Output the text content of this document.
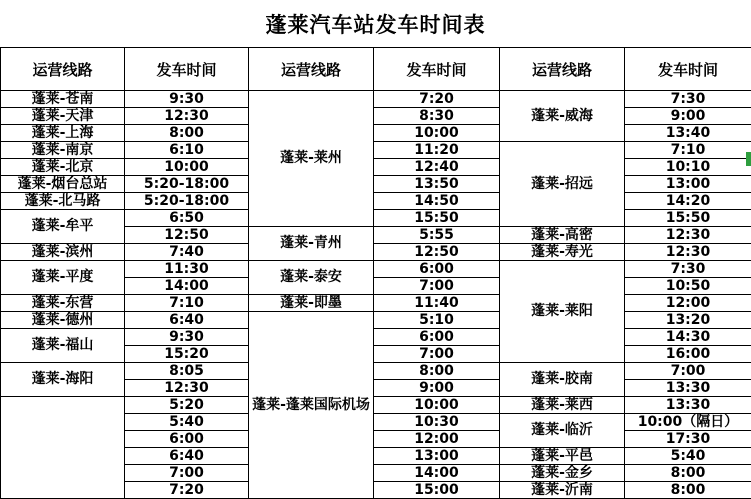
蓬莱汽车站发车时间表
运营线路	发车时间	运营线路	发车时间	运营线路	发车时间
蓬莱-苍南	9:30	蓬莱-莱州	7:20	蓬莱-威海	7:30
蓬莱-天津	12:30		8:30		9:00
蓬莱-上海	8:00		10:00		13:40
蓬莱-南京	6:10		11:20	蓬莱-招远	7:10
蓬莱-北京	10:00		12:40		10:10
蓬莱-烟台总站	5:20-18:00		13:50		13:00
蓬莱-北马路	5:20-18:00		14:50		14:20
蓬莱-牟平	6:50		15:50		15:50
	12:50	蓬莱-青州	5:55	蓬莱-高密	12:30
蓬莱-滨州	7:40		12:50	蓬莱-寿光	12:30
蓬莱-平度	11:30	蓬莱-泰安	6:00	蓬莱-莱阳	7:30
	14:00		7:00		10:50
蓬莱-东营	7:10	蓬莱-即墨	11:40		12:00
蓬莱-德州	6:40	蓬莱-蓬莱国际机场	5:10		13:20
蓬莱-福山	9:30		6:00		14:30
	15:20		7:00		16:00
蓬莱-海阳	8:05		8:00	蓬莱-胶南	7:00
	12:30		9:00		13:30
	5:20		10:00	蓬莱-莱西	13:30
	5:40		10:30	蓬莱-临沂	10:00（隔日）
	6:00		12:00		17:30
	6:40		13:00	蓬莱-平邑	5:40
	7:00		14:00	蓬莱-金乡	8:00
	7:20		15:00	蓬莱-沂南	8:00
